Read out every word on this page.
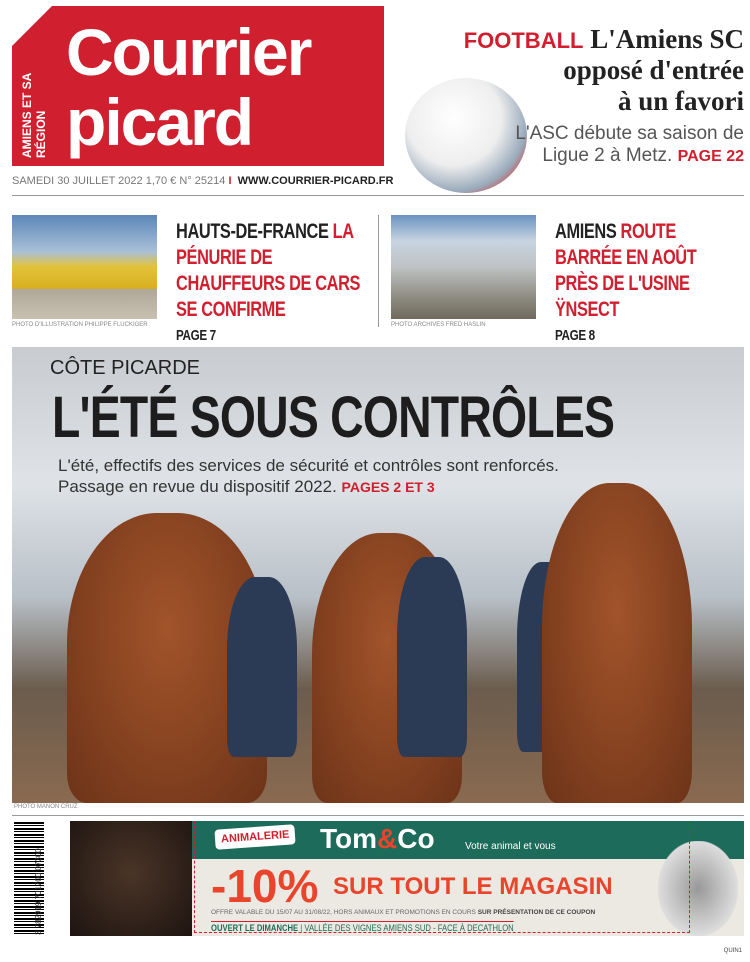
Courrier
picard
AMIENS ET SA RÉGION
SAMEDI 30 JUILLET 2022 1,70 € N° 25214 I WWW.COURRIER-PICARD.FR
FOOTBALL L'Amiens SC
opposé d'entrée
à un favori
L'ASC débute sa saison de Ligue 2 à Metz. PAGE 22
PHOTO D'ILLUSTRATION PHILIPPE FLUCKIGER
HAUTS-DE-FRANCE LA PÉNURIE DE CHAUFFEURS DE CARS SE CONFIRME
PAGE 7
PHOTO ARCHIVES FRED HASLIN
AMIENS ROUTE BARRÉE EN AOÛT PRÈS DE L'USINE ŸNSECT
PAGE 8
CÔTE PICARDE
L'ÉTÉ SOUS CONTRÔLES
L'été, effectifs des services de sécurité et contrôles sont renforcés.
Passage en revue du dispositif 2022. PAGES 2 ET 3
PHOTO MANON CRUZ
3 782919 701700 07300
ANIMALERIE Tom&Co	Votre animal et vous
-10% SUR TOUT LE MAGASIN
OFFRE VALABLE DU 15/07 AU 31/08/22, HORS ANIMAUX ET PROMOTIONS EN COURS SUR PRÉSENTATION DE CE COUPON
OUVERT LE DIMANCHE | VALLÉE DES VIGNES AMIENS SUD - FACE À DECATHLON
QUIN1
